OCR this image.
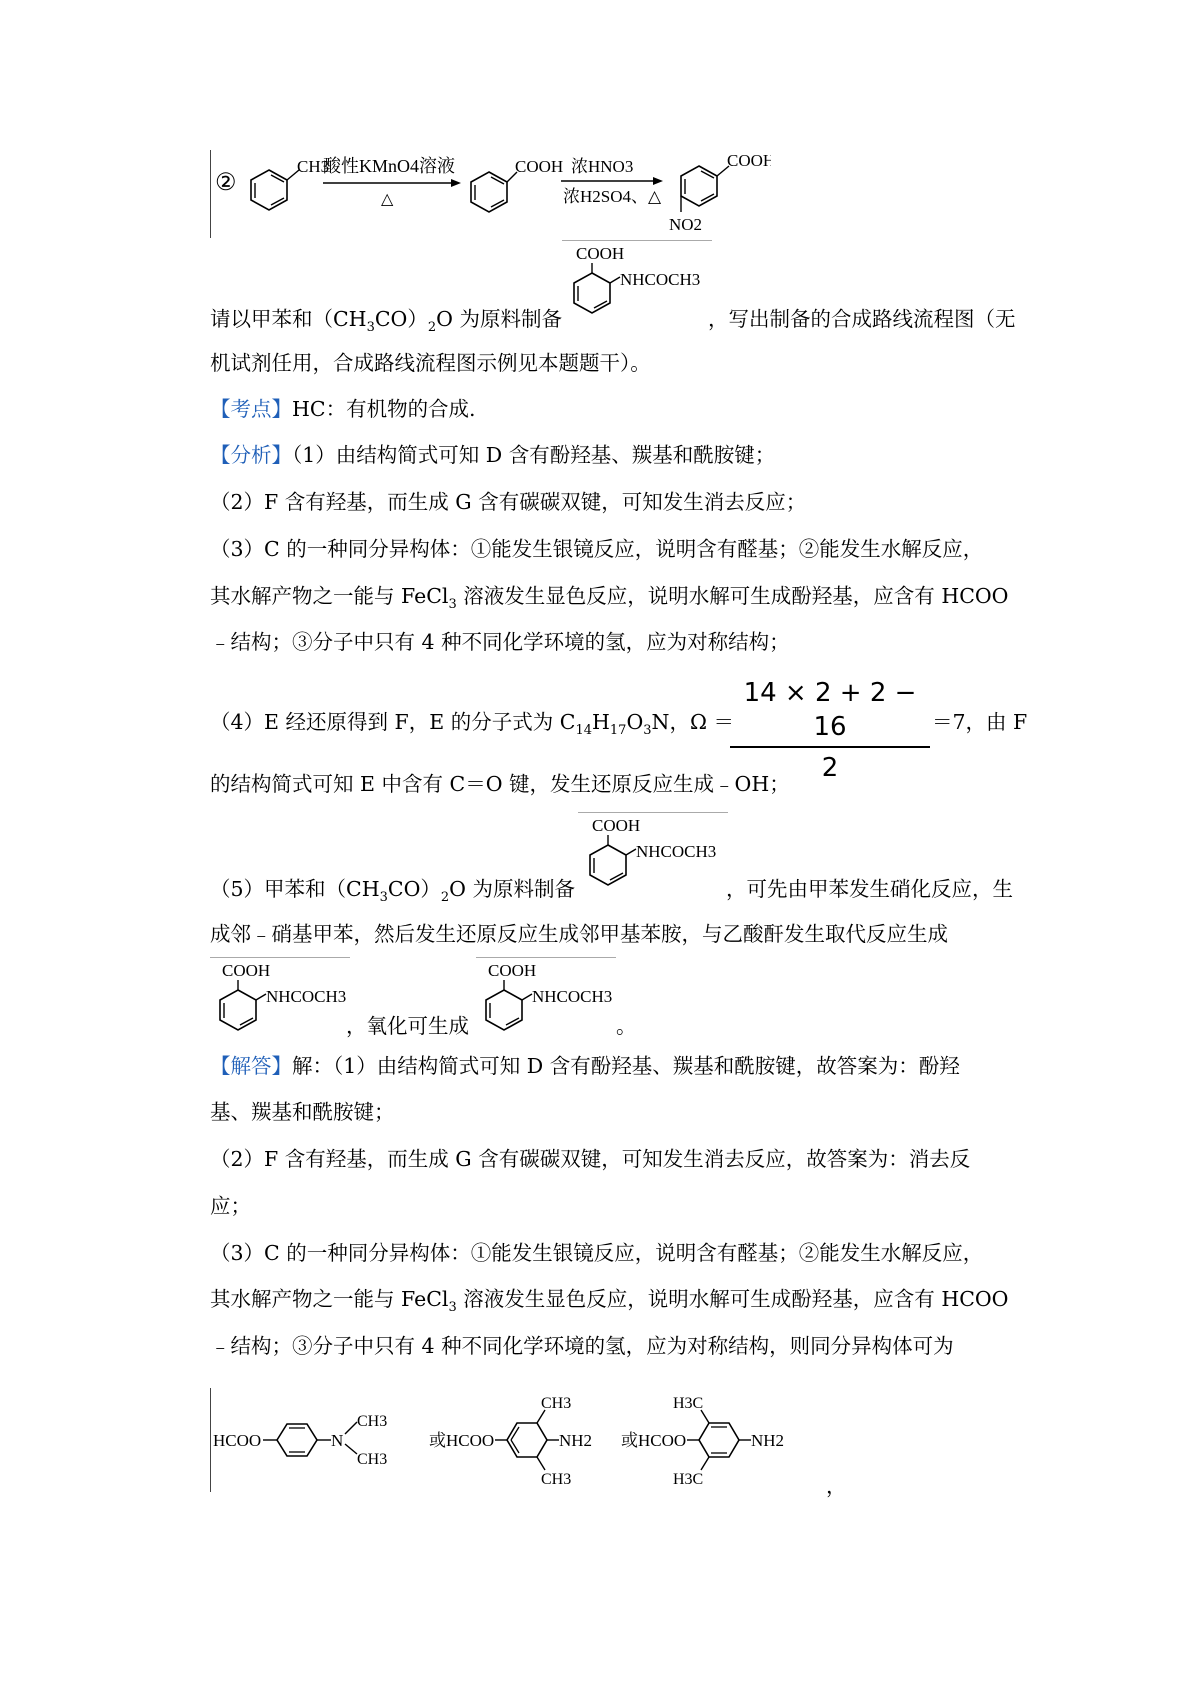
②
CH3
酸性KMnO4溶液
△
COOH 浓HNO3
浓H2SO4、△
COOH
NO2
COOH
NHCOCH3
请以甲苯和$(CH_3CO)_2O$ 为原料制备	，写出制备的合成路线流程图（无
机试剂任用，合成路线流程图示例见本题题干）。
【考点】HC：有机物的合成.
【分析】（1）由结构简式可知 D 含有酚羟基、羰基和酰胺键；
（2）F 含有羟基，而生成 G 含有碳碳双键，可知发生消去反应；
（3）C 的一种同分异构体：①能发生银镜反应，说明含有醛基；②能发生水解反应，
其水解产物之一能与 FeCl$_3$ 溶液发生显色反应，说明水解可生成酚羟基，应含有 HCOO
﹣结构；③分子中只有 4 种不同化学环境的氢，应为对称结构；
（4）E 经还原得到 F，E 的分子式为 $C_{14}H_{17}O_3N$，Ω ＝
14 × 2 + 2 − 16
2
＝7，由 F
的结构简式可知 E 中含有 C＝O 键，发生还原反应生成﹣OH；
COOH
NHCOCH3
（5）甲苯和$(CH_3CO)_2O$ 为原料制备	，可先由甲苯发生硝化反应，生
成邻﹣硝基甲苯，然后发生还原反应生成邻甲基苯胺，与乙酸酐发生取代反应生成
COOH
NHCOCH3
，氧化可生成
COOH
NHCOCH3
。
【解答】解：（1）由结构简式可知 D 含有酚羟基、羰基和酰胺键，故答案为：酚羟
基、羰基和酰胺键；
（2）F 含有羟基，而生成 G 含有碳碳双键，可知发生消去反应，故答案为：消去反
应；
（3）C 的一种同分异构体：①能发生银镜反应，说明含有醛基；②能发生水解反应，
其水解产物之一能与 FeCl$_3$ 溶液发生显色反应，说明水解可生成酚羟基，应含有 HCOO
﹣结构；③分子中只有 4 种不同化学环境的氢，应为对称结构，则同分异构体可为
HCOO	N
CH3
CH3
或HCOO
CH3
NH2
CH3
或HCOO
H3C
NH2
H3C	，
